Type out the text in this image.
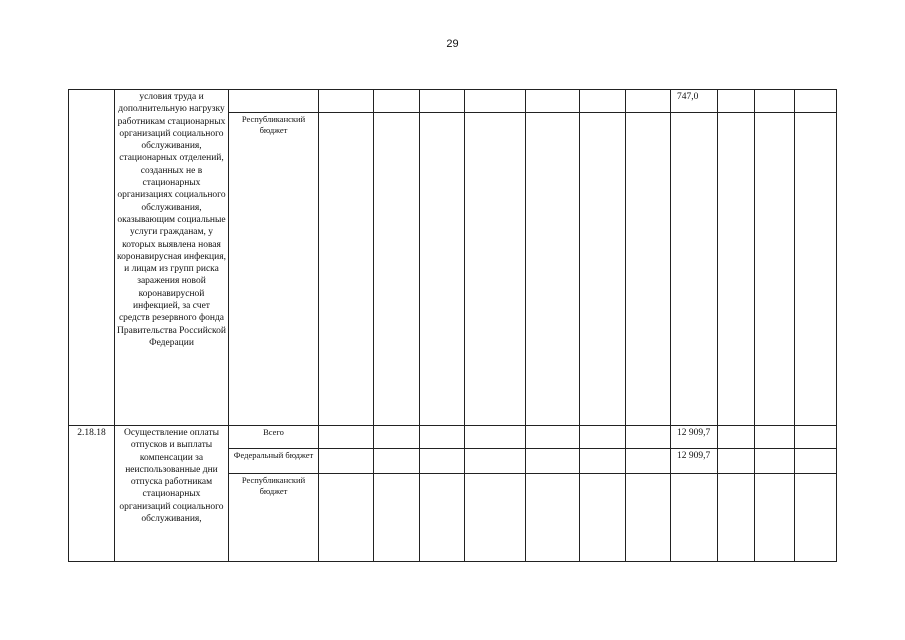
29
	условия труда и дополнительную нагрузку работникам стационарных организаций социального обслуживания, стационарных отделений, созданных не в стационарных организациях социального обслуживания, оказывающим социальные услуги гражданам, у которых выявлена новая коронавирусная инфекция, и лицам из групп риска заражения новой коронавирусной инфекцией, за счет средств резервного фонда Правительства Российской Федерации									747,0			
		Республиканский бюджет											
2.18.18	Осуществление оплаты отпусков и выплаты компенсации за неиспользованные дни отпуска работникам стационарных организаций социального обслуживания,	Всего								12 909,7			
		Федеральный бюджет								12 909,7			
		Республиканский бюджет											
